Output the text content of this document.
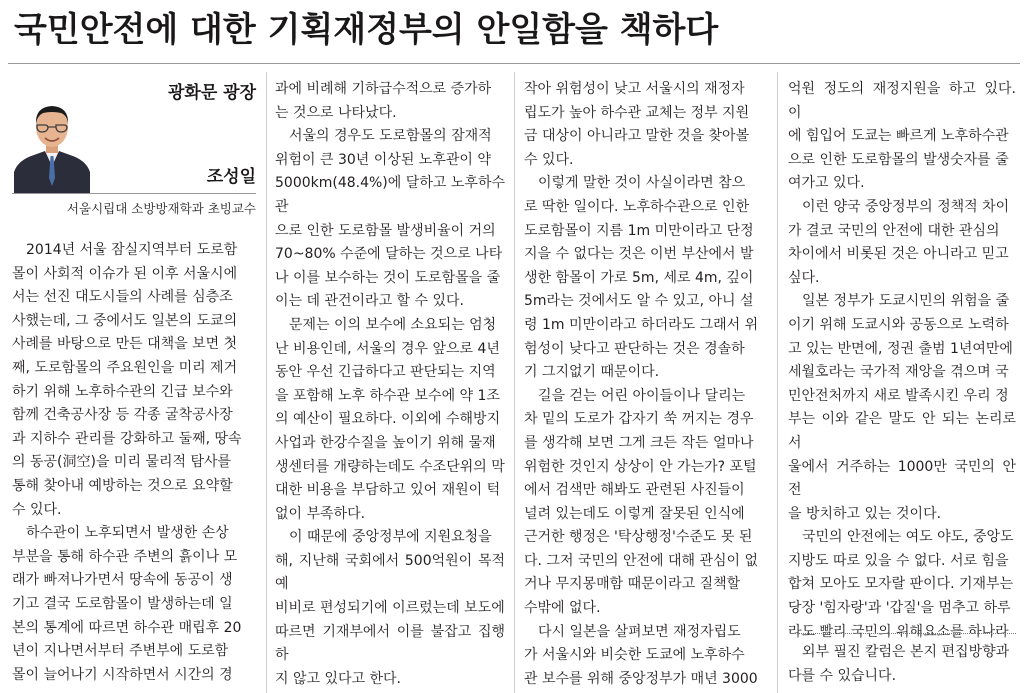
국민안전에 대한 기획재정부의 안일함을 책하다
광화문 광장
조성일
서울시립대 소방방재학과 초빙교수

2014년 서울 잠실지역부터 도로함
몰이 사회적 이슈가 된 이후 서울시에
서는 선진 대도시들의 사례를 심층조
사했는데, 그 중에서도 일본의 도쿄의
사례를 바탕으로 만든 대책을 보면 첫
째, 도로함몰의 주요원인을 미리 제거
하기 위해 노후하수관의 긴급 보수와
함께 건축공사장 등 각종 굴착공사장
과 지하수 관리를 강화하고 둘째, 땅속
의 동공(洞空)을 미리 물리적 탐사를
통해 찾아내 예방하는 것으로 요약할
수 있다.

하수관이 노후되면서 발생한 손상
부분을 통해 하수관 주변의 흙이나 모
래가 빠져나가면서 땅속에 동공이 생
기고 결국 도로함몰이 발생하는데 일
본의 통계에 따르면 하수관 매립후 20
년이 지나면서부터 주변부에 도로함
몰이 늘어나기 시작하면서 시간의 경

과에 비례해 기하급수적으로 증가하
는 것으로 나타났다.

서울의 경우도 도로함몰의 잠재적
위험이 큰 30년 이상된 노후관이 약
5000km(48.4%)에 달하고 노후하수관
으로 인한 도로함몰 발생비율이 거의
70~80% 수준에 달하는 것으로 나타
나 이를 보수하는 것이 도로함몰을 줄
이는 데 관건이라고 할 수 있다.

문제는 이의 보수에 소요되는 엄청
난 비용인데, 서울의 경우 앞으로 4년
동안 우선 긴급하다고 판단되는 지역
을 포함해 노후 하수관 보수에 약 1조
의 예산이 필요하다. 이외에 수해방지
사업과 한강수질을 높이기 위해 물재
생센터를 개량하는데도 수조단위의 막
대한 비용을 부담하고 있어 재원이 턱
없이 부족하다.

이 때문에 중앙정부에 지원요청을
해, 지난해 국회에서 500억원이 목적예
비비로 편성되기에 이르렀는데 보도에
따르면 기재부에서 이를 불잡고 집행하
지 않고 있다고 한다.

작아 위험성이 낮고 서울시의 재정자
립도가 높아 하수관 교체는 정부 지원
금 대상이 아니라고 말한 것을 찾아볼
수 있다.

이렇게 말한 것이 사실이라면 참으
로 딱한 일이다. 노후하수관으로 인한
도로함몰이 지름 1m 미만이라고 단정
지을 수 없다는 것은 이번 부산에서 발
생한 함몰이 가로 5m, 세로 4m, 깊이
5m라는 것에서도 알 수 있고, 아니 설
령 1m 미만이라고 하더라도 그래서 위
험성이 낮다고 판단하는 것은 경솔하
기 그지없기 때문이다.

길을 걷는 어린 아이들이나 달리는
차 밑의 도로가 갑자기 쑥 꺼지는 경우
를 생각해 보면 그게 크든 작든 얼마나
위험한 것인지 상상이 안 가는가? 포털
에서 검색만 해봐도 관련된 사진들이
널려 있는데도 이렇게 잘못된 인식에
근거한 행정은 '탁상행정'수준도 못 된
다. 그저 국민의 안전에 대해 관심이 없
거나 무지몽매함 때문이라고 질책할
수밖에 없다.

다시 일본을 살펴보면 재정자립도
가 서울시와 비슷한 도쿄에 노후하수
관 보수를 위해 중앙정부가 매년 3000

억원 정도의 재정지원을 하고 있다. 이
에 힘입어 도쿄는 빠르게 노후하수관
으로 인한 도로함몰의 발생숫자를 줄
여가고 있다.

이런 양국 중앙정부의 정책적 차이
가 결코 국민의 안전에 대한 관심의
차이에서 비롯된 것은 아니라고 믿고
싶다.

일본 정부가 도쿄시민의 위험을 줄
이기 위해 도쿄시와 공동으로 노력하
고 있는 반면에, 정권 출범 1년여만에
세월호라는 국가적 재앙을 겪으며 국
민안전처까지 새로 발족시킨 우리 정
부는 이와 같은 말도 안 되는 논리로 서
울에서 거주하는 1000만 국민의 안전
을 방치하고 있는 것이다.

국민의 안전에는 여도 야도, 중앙도
지방도 따로 있을 수 없다. 서로 힘을
합쳐 모아도 모자랄 판이다. 기재부는
당장 '힘자랑'과 '갑질'을 멈추고 하루
라도 빨리 국민의 위해요소를 하나라

외부 필진 칼럼은 본지 편집방향과
다를 수 있습니다.
